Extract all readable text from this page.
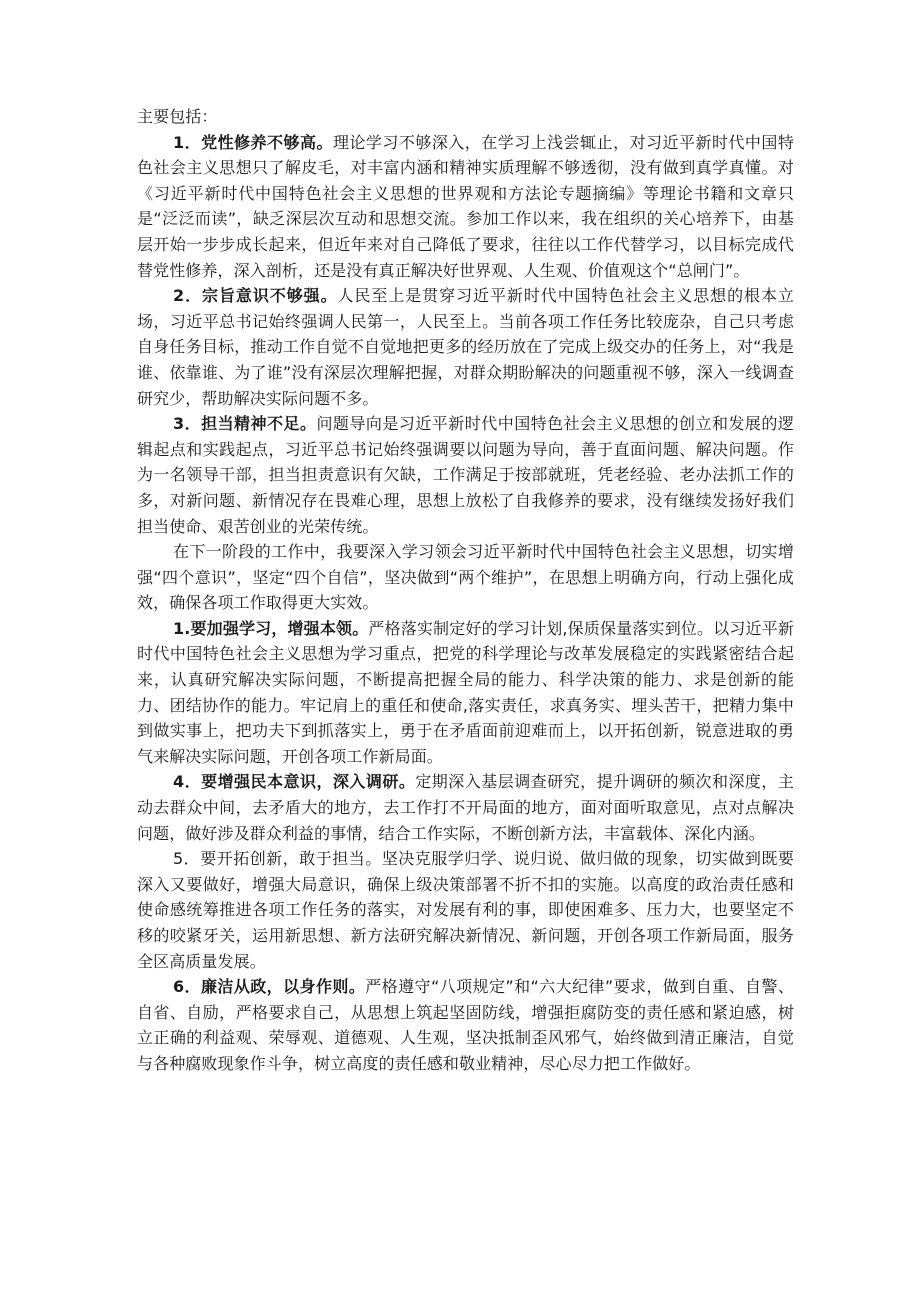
主要包括：

1．党性修养不够高。理论学习不够深入，在学习上浅尝辄止，对习近平新时代中国特色社会主义思想只了解皮毛，对丰富内涵和精神实质理解不够透彻，没有做到真学真懂。对《习近平新时代中国特色社会主义思想的世界观和方法论专题摘编》等理论书籍和文章只是“泛泛而读”，缺乏深层次互动和思想交流。参加工作以来，我在组织的关心培养下，由基层开始一步步成长起来，但近年来对自己降低了要求，往往以工作代替学习，以目标完成代替党性修养，深入剖析，还是没有真正解决好世界观、人生观、价值观这个“总闸门”。

2．宗旨意识不够强。人民至上是贯穿习近平新时代中国特色社会主义思想的根本立场，习近平总书记始终强调人民第一，人民至上。当前各项工作任务比较庞杂，自己只考虑自身任务目标，推动工作自觉不自觉地把更多的经历放在了完成上级交办的任务上，对“我是谁、依靠谁、为了谁”没有深层次理解把握，对群众期盼解决的问题重视不够，深入一线调查研究少，帮助解决实际问题不多。

3．担当精神不足。问题导向是习近平新时代中国特色社会主义思想的创立和发展的逻辑起点和实践起点，习近平总书记始终强调要以问题为导向，善于直面问题、解决问题。作为一名领导干部，担当担责意识有欠缺，工作满足于按部就班，凭老经验、老办法抓工作的多，对新问题、新情况存在畏难心理，思想上放松了自我修养的要求，没有继续发扬好我们担当使命、艰苦创业的光荣传统。

在下一阶段的工作中，我要深入学习领会习近平新时代中国特色社会主义思想，切实增强“四个意识”，坚定“四个自信”，坚决做到“两个维护”，在思想上明确方向，行动上强化成效，确保各项工作取得更大实效。

1.要加强学习，增强本领。严格落实制定好的学习计划,保质保量落实到位。以习近平新时代中国特色社会主义思想为学习重点，把党的科学理论与改革发展稳定的实践紧密结合起来，认真研究解决实际问题，不断提高把握全局的能力、科学决策的能力、求是创新的能力、团结协作的能力。牢记肩上的重任和使命,落实责任，求真务实、埋头苦干，把精力集中到做实事上，把功夫下到抓落实上，勇于在矛盾面前迎难而上，以开拓创新，锐意进取的勇气来解决实际问题，开创各项工作新局面。

4．要增强民本意识，深入调研。定期深入基层调查研究，提升调研的频次和深度，主动去群众中间，去矛盾大的地方，去工作打不开局面的地方，面对面听取意见，点对点解决问题，做好涉及群众利益的事情，结合工作实际，不断创新方法，丰富载体、深化内涵。

5．要开拓创新，敢于担当。坚决克服学归学、说归说、做归做的现象，切实做到既要深入又要做好，增强大局意识，确保上级决策部署不折不扣的实施。以高度的政治责任感和使命感统筹推进各项工作任务的落实，对发展有利的事，即使困难多、压力大，也要坚定不移的咬紧牙关，运用新思想、新方法研究解决新情况、新问题，开创各项工作新局面，服务全区高质量发展。

6．廉洁从政，以身作则。严格遵守“八项规定”和“六大纪律”要求，做到自重、自警、自省、自励，严格要求自己，从思想上筑起坚固防线，增强拒腐防变的责任感和紧迫感，树立正确的利益观、荣辱观、道德观、人生观，坚决抵制歪风邪气，始终做到清正廉洁，自觉与各种腐败现象作斗争，树立高度的责任感和敬业精神，尽心尽力把工作做好。
